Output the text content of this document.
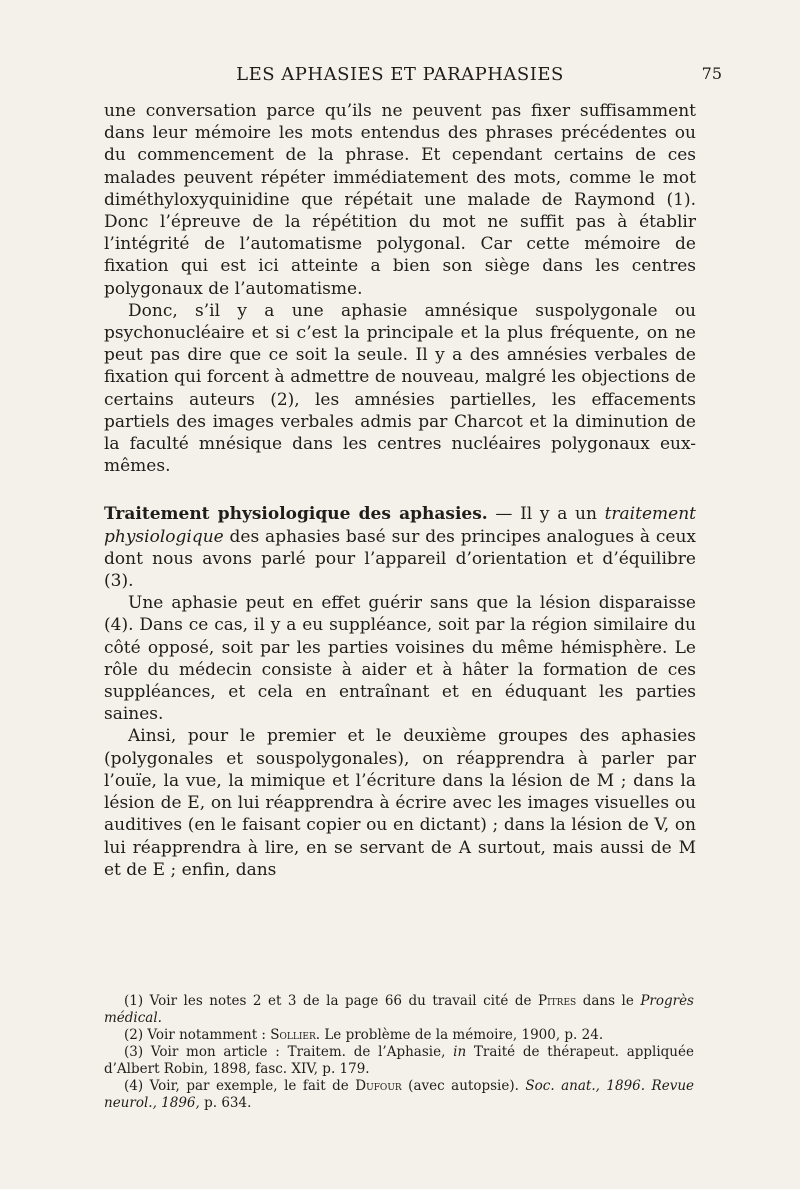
LES APHASIES ET PARAPHASIES	75

une conversation parce qu’ils ne peuvent pas fixer suffisamment dans leur mémoire les mots entendus des phrases précédentes ou du commencement de la phrase. Et cependant certains de ces malades peuvent répéter immédiatement des mots, comme le mot diméthyloxyquinidine que répétait une malade de Raymond (1). Donc l’épreuve de la répétition du mot ne suffit pas à établir l’intégrité de l’automatisme polygonal. Car cette mémoire de fixation qui est ici atteinte a bien son siège dans les centres polygonaux de l’automatisme.

Donc, s’il y a une aphasie amnésique suspolygonale ou psychonucléaire et si c’est la principale et la plus fréquente, on ne peut pas dire que ce soit la seule. Il y a des amnésies verbales de fixation qui forcent à admettre de nouveau, malgré les objections de certains auteurs (2), les amnésies partielles, les effacements partiels des images verbales admis par Charcot et la diminution de la faculté mnésique dans les centres nucléaires polygonaux eux-mêmes.

Traitement physiologique des aphasies. — Il y a un traitement physiologique des aphasies basé sur des principes analogues à ceux dont nous avons parlé pour l’appareil d’orientation et d’équilibre (3).

Une aphasie peut en effet guérir sans que la lésion disparaisse (4). Dans ce cas, il y a eu suppléance, soit par la région similaire du côté opposé, soit par les parties voisines du même hémisphère. Le rôle du médecin consiste à aider et à hâter la formation de ces suppléances, et cela en entraînant et en éduquant les parties saines.

Ainsi, pour le premier et le deuxième groupes des aphasies (polygonales et souspolygonales), on réapprendra à parler par l’ouïe, la vue, la mimique et l’écriture dans la lésion de M ; dans la lésion de E, on lui réapprendra à écrire avec les images visuelles ou auditives (en le faisant copier ou en dictant) ; dans la lésion de V, on lui réapprendra à lire, en se servant de A surtout, mais aussi de M et de E ; enfin, dans

(1) Voir les notes 2 et 3 de la page 66 du travail cité de Pitres dans le Progrès médical.

(2) Voir notamment : Sollier. Le problème de la mémoire, 1900, p. 24.

(3) Voir mon article : Traitem. de l’Aphasie, in Traité de thérapeut. appliquée d’Albert Robin, 1898, fasc. XIV, p. 179.

(4) Voir, par exemple, le fait de Dufour (avec autopsie). Soc. anat., 1896. Revue neurol., 1896, p. 634.
